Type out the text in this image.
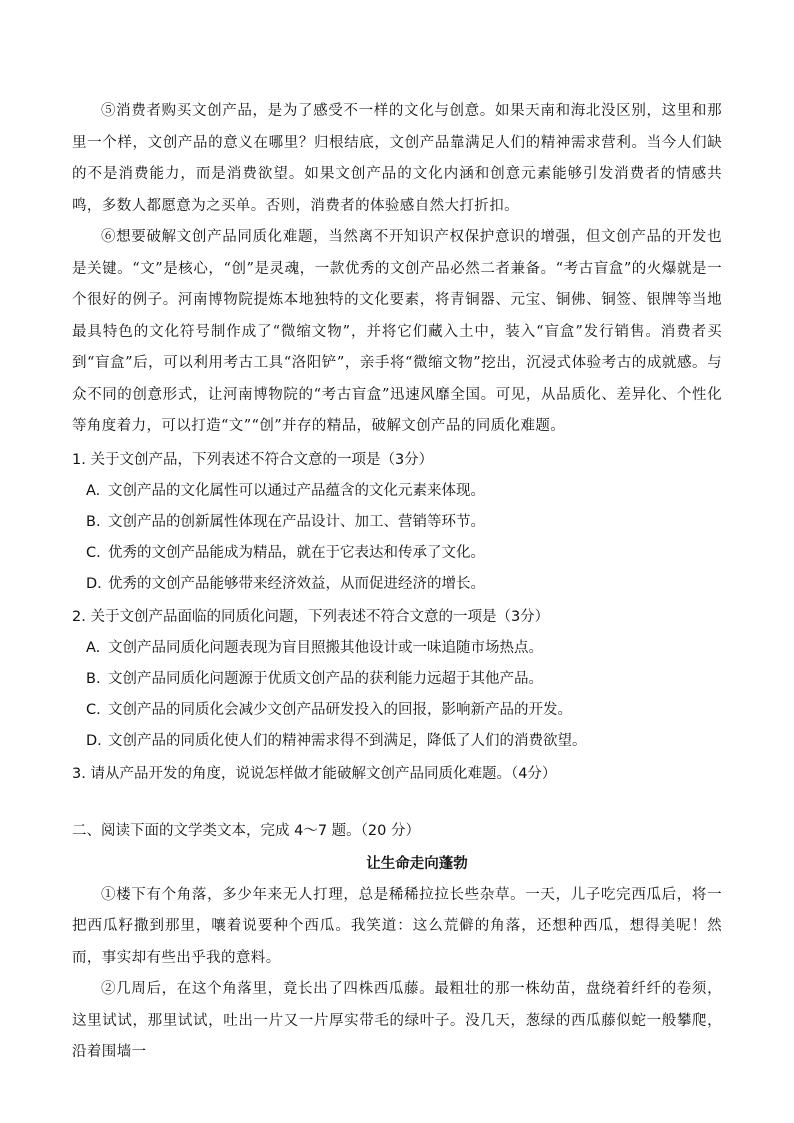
⑤消费者购买文创产品，是为了感受不一样的文化与创意。如果天南和海北没区别，这里和那里一个样，文创产品的意义在哪里？归根结底，文创产品靠满足人们的精神需求营利。当今人们缺的不是消费能力，而是消费欲望。如果文创产品的文化内涵和创意元素能够引发消费者的情感共鸣，多数人都愿意为之买单。否则，消费者的体验感自然大打折扣。

⑥想要破解文创产品同质化难题，当然离不开知识产权保护意识的增强，但文创产品的开发也是关键。“文”是核心，“创”是灵魂，一款优秀的文创产品必然二者兼备。“考古盲盒”的火爆就是一个很好的例子。河南博物院提炼本地独特的文化要素，将青铜器、元宝、铜佛、铜签、银牌等当地最具特色的文化符号制作成了“微缩文物”，并将它们藏入土中，装入“盲盒”发行销售。消费者买到“盲盒”后，可以利用考古工具“洛阳铲”，亲手将“微缩文物”挖出，沉浸式体验考古的成就感。与众不同的创意形式，让河南博物院的“考古盲盒”迅速风靡全国。可见，从品质化、差异化、个性化等角度着力，可以打造“文”“创”并存的精品，破解文创产品的同质化难题。

1. 关于文创产品，下列表述不符合文意的一项是（3分）

A. 文创产品的文化属性可以通过产品蕴含的文化元素来体现。

B. 文创产品的创新属性体现在产品设计、加工、营销等环节。

C. 优秀的文创产品能成为精品，就在于它表达和传承了文化。

D. 优秀的文创产品能够带来经济效益，从而促进经济的增长。

2. 关于文创产品面临的同质化问题，下列表述不符合文意的一项是（3分）

A. 文创产品同质化问题表现为盲目照搬其他设计或一味追随市场热点。

B. 文创产品同质化问题源于优质文创产品的获利能力远超于其他产品。

C. 文创产品的同质化会减少文创产品研发投入的回报，影响新产品的开发。

D. 文创产品的同质化使人们的精神需求得不到满足，降低了人们的消费欲望。

3. 请从产品开发的角度，说说怎样做才能破解文创产品同质化难题。（4分）

二、阅读下面的文学类文本，完成 4～7 题。（20 分）
让生命走向蓬勃

①楼下有个角落，多少年来无人打理，总是稀稀拉拉长些杂草。一天，儿子吃完西瓜后，将一把西瓜籽撒到那里，嚷着说要种个西瓜。我笑道：这么荒僻的角落，还想种西瓜，想得美呢！然而，事实却有些出乎我的意料。

②几周后，在这个角落里，竟长出了四株西瓜藤。最粗壮的那一株幼苗，盘绕着纤纤的卷须，这里试试，那里试试，吐出一片又一片厚实带毛的绿叶子。没几天，葱绿的西瓜藤似蛇一般攀爬，沿着围墙一
